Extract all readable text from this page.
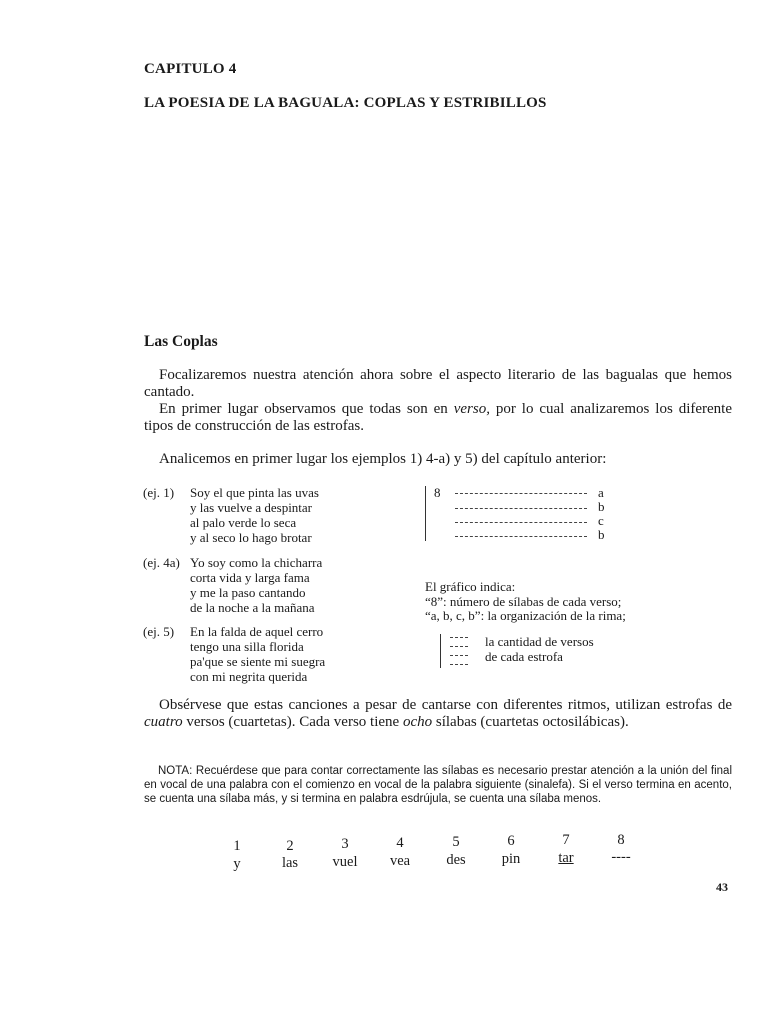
CAPITULO 4
LA POESIA DE LA BAGUALA: COPLAS Y ESTRIBILLOS
Las Coplas
Focalizaremos nuestra atención ahora sobre el aspecto literario de las bagualas que hemos cantado.
En primer lugar observamos que todas son en verso, por lo cual analizaremos los diferente tipos de construcción de las estrofas.
Analicemos en primer lugar los ejemplos 1) 4-a) y 5) del capítulo anterior:
(ej. 1) Soy el que pinta las uvas
y las vuelve a despintar
al palo verde lo seca
y al seco lo hago brotar
(ej. 4a) Yo soy como la chicharra
corta vida y larga fama
y me la paso cantando
de la noche a la mañana
(ej. 5) En la falda de aquel cerro
tengo una silla florida
pa'que se siente mi suegra
con mi negrita querida
8	a
b
c
b
El gráfico indica:
“8”: número de sílabas de cada verso;
“a, b, c, b”: la organización de la rima;
la cantidad de versos
de cada estrofa
Obsérvese que estas canciones a pesar de cantarse con diferentes ritmos, utilizan estrofas de cuatro versos (cuartetas). Cada verso tiene ocho sílabas (cuartetas octosilábicas).
NOTA: Recuérdese que para contar correctamente las sílabas es necesario prestar atención a la unión del final en vocal de una palabra con el comienzo en vocal de la palabra siguiente (sinalefa). Si el verso termina en acento, se cuenta una sílaba más, y si termina en palabra esdrújula, se cuenta una sílaba menos.
1	2	3	4	5	6	7	8
y	las	vuel	vea	des	pin	tar	----
43
